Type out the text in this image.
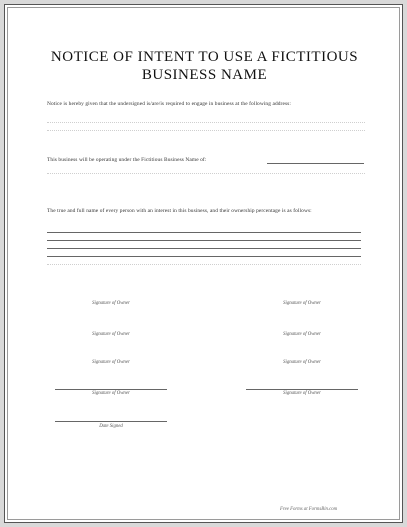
NOTICE OF INTENT TO USE A FICTITIOUS
BUSINESS NAME
Notice is hereby given that the undersigned is/are/is required to engage in business at the following address:
This business will be operating under the Fictitious Business Name of:
The true and full name of every person with an interest in this business, and their ownership percentage is as follows:
Signature of Owner	Signature of Owner
Signature of Owner	Signature of Owner
Signature of Owner	Signature of Owner
Signature of Owner	Signature of Owner
Date Signed
Free Forms at FormsBin.com
